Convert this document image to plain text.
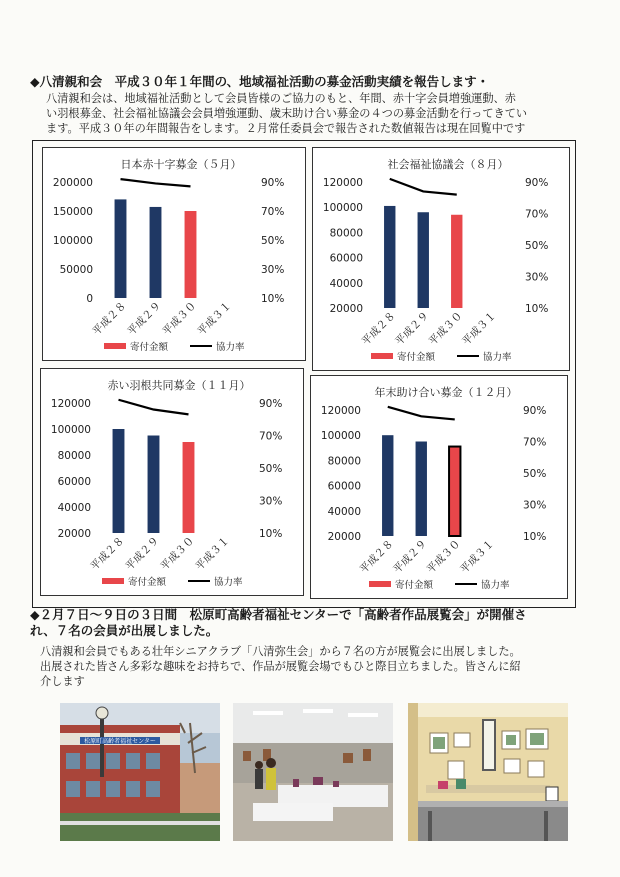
◆八清親和会　平成３０年１年間の、地域福祉活動の募金活動実績を報告します・
八清親和会は、地域福祉活動として会員皆様のご協力のもと、年間、赤十字会員増強運動、赤
い羽根募金、社会福祉協議会会員増強運動、歳末助け合い募金の４つの募金活動を行ってきてい
ます。平成３０年の年間報告をします。２月常任委員会で報告された数値報告は現在回覧中です
日本赤十字募金（５月）
200000
150000
100000
50000
0
90%
70%
50%
30%
10%
平成２８
平成２９
平成３０
平成３１
寄付金額	協力率
社会福祉協議会（８月）
120000
100000
80000
60000
40000
20000
90%
70%
50%
30%
10%
平成２８
平成２９
平成３０
平成３１
寄付金額	協力率
赤い羽根共同募金（１１月）
120000
100000
80000
60000
40000
20000
90%
70%
50%
30%
10%
平成２８
平成２９
平成３０
平成３１
寄付金額	協力率
年末助け合い募金（１２月）
120000
100000
80000
60000
40000
20000
90%
70%
50%
30%
10%
平成２８
平成２９
平成３０
平成３１
寄付金額	協力率
◆２月７日～９日の３日間　松原町高齢者福祉センターで「高齢者作品展覧会」が開催さ
れ、７名の会員が出展しました。
八清親和会員でもある壮年シニアクラブ「八清弥生会」から７名の方が展覧会に出展しました。
出展された皆さん多彩な趣味をお持ちで、作品が展覧会場でもひと際目立ちました。皆さんに紹
介します
松原町高齢者福祉センター
